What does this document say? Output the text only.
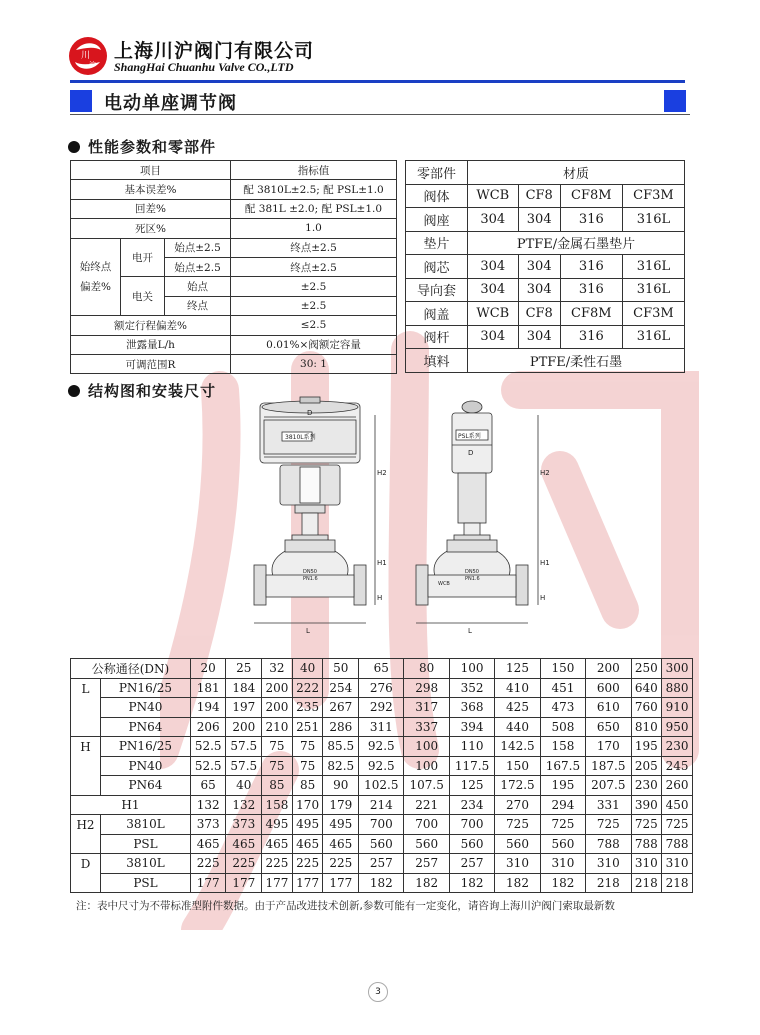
川
沪
上海川沪阀门有限公司
ShangHai Chuanhu Valve CO.,LTD
电动单座调节阀
性能参数和零部件
项目			指标值
基本误差%			配 3810L±2.5; 配 PSL±1.0
回差%			配 381L ±2.0; 配 PSL±1.0
死区%			1.0

始终点
偏差%	电开	始点±2.5	终点±2.5
		始点±2.5	终点±2.5
	电关	始点	±2.5
		终点	±2.5
额定行程偏差%			≤2.5
泄露量L/h			0.01%×阀额定容量
可调范围R			30: 1
零部件	材质			
阀体	WCB	CF8	CF8M	CF3M
阀座	304	304	316	316L
垫片	PTFE/金属石墨垫片			
阀芯	304	304	316	316L
导向套	304	304	316	316L
阀盖	WCB	CF8	CF8M	CF3M
阀杆	304	304	316	316L
填料	PTFE/柔性石墨			
结构图和安装尺寸
3810L系列
D
DN50
PN1.6
L
H2
H1
H
PSL系列
D
DN50
PN1.6
WCB
L
H2
H1
H
公称通径(DN)		20	25	32	40	50	65	80	100	125	150	200	250	300
L	PN16/25	181	184	200	222	254	276	298	352	410	451	600	640	880
	PN40	194	197	200	235	267	292	317	368	425	473	610	760	910
	PN64	206	200	210	251	286	311	337	394	440	508	650	810	950
H	PN16/25	52.5	57.5	75	75	85.5	92.5	100	110	142.5	158	170	195	230
	PN40	52.5	57.5	75	75	82.5	92.5	100	117.5	150	167.5	187.5	205	245
	PN64	65	40	85	85	90	102.5	107.5	125	172.5	195	207.5	230	260
H1		132	132	158	170	179	214	221	234	270	294	331	390	450
H2	3810L	373	373	495	495	495	700	700	700	725	725	725	725	725
	PSL	465	465	465	465	465	560	560	560	560	560	788	788	788
D	3810L	225	225	225	225	225	257	257	257	310	310	310	310	310
	PSL	177	177	177	177	177	182	182	182	182	182	218	218	218
注：表中尺寸为不带标准型附件数据。由于产品改进技术创新,参数可能有一定变化，请咨询上海川沪阀门索取最新数
3
